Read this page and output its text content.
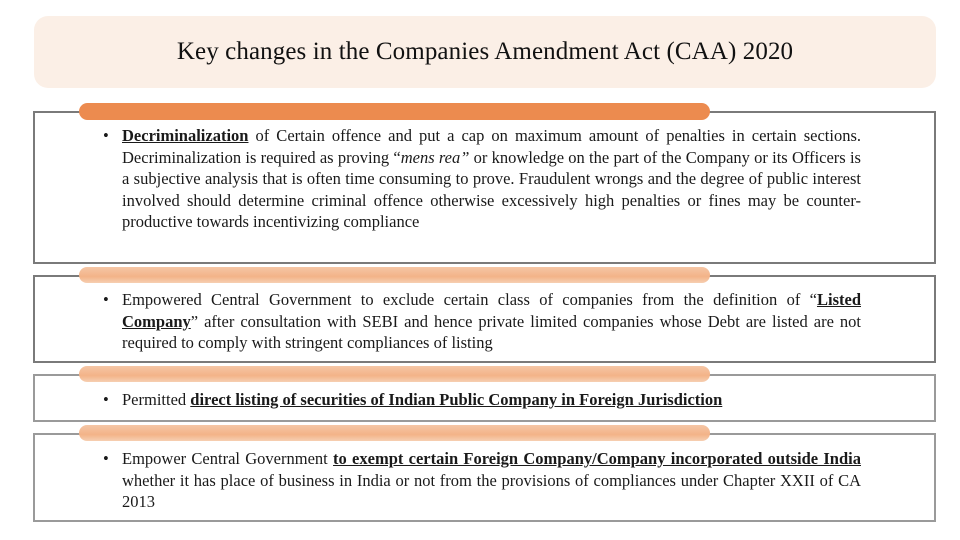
Key changes in the Companies Amendment Act (CAA) 2020
• Decriminalization of Certain offence and put a cap on maximum amount of penalties in certain sections. Decriminalization is required as proving “mens rea” or knowledge on the part of the Company or its Officers is a subjective analysis that is often time consuming to prove. Fraudulent wrongs and the degree of public interest involved should determine criminal offence otherwise excessively high penalties or fines may be counter-productive towards incentivizing compliance
• Empowered Central Government to exclude certain class of companies from the definition of “Listed Company” after consultation with SEBI and hence private limited companies whose Debt are listed are not required to comply with stringent compliances of listing
• Permitted direct listing of securities of Indian Public Company in Foreign Jurisdiction
• Empower Central Government to exempt certain Foreign Company/Company incorporated outside India whether it has place of business in India or not from the provisions of compliances under Chapter XXII of CA 2013
